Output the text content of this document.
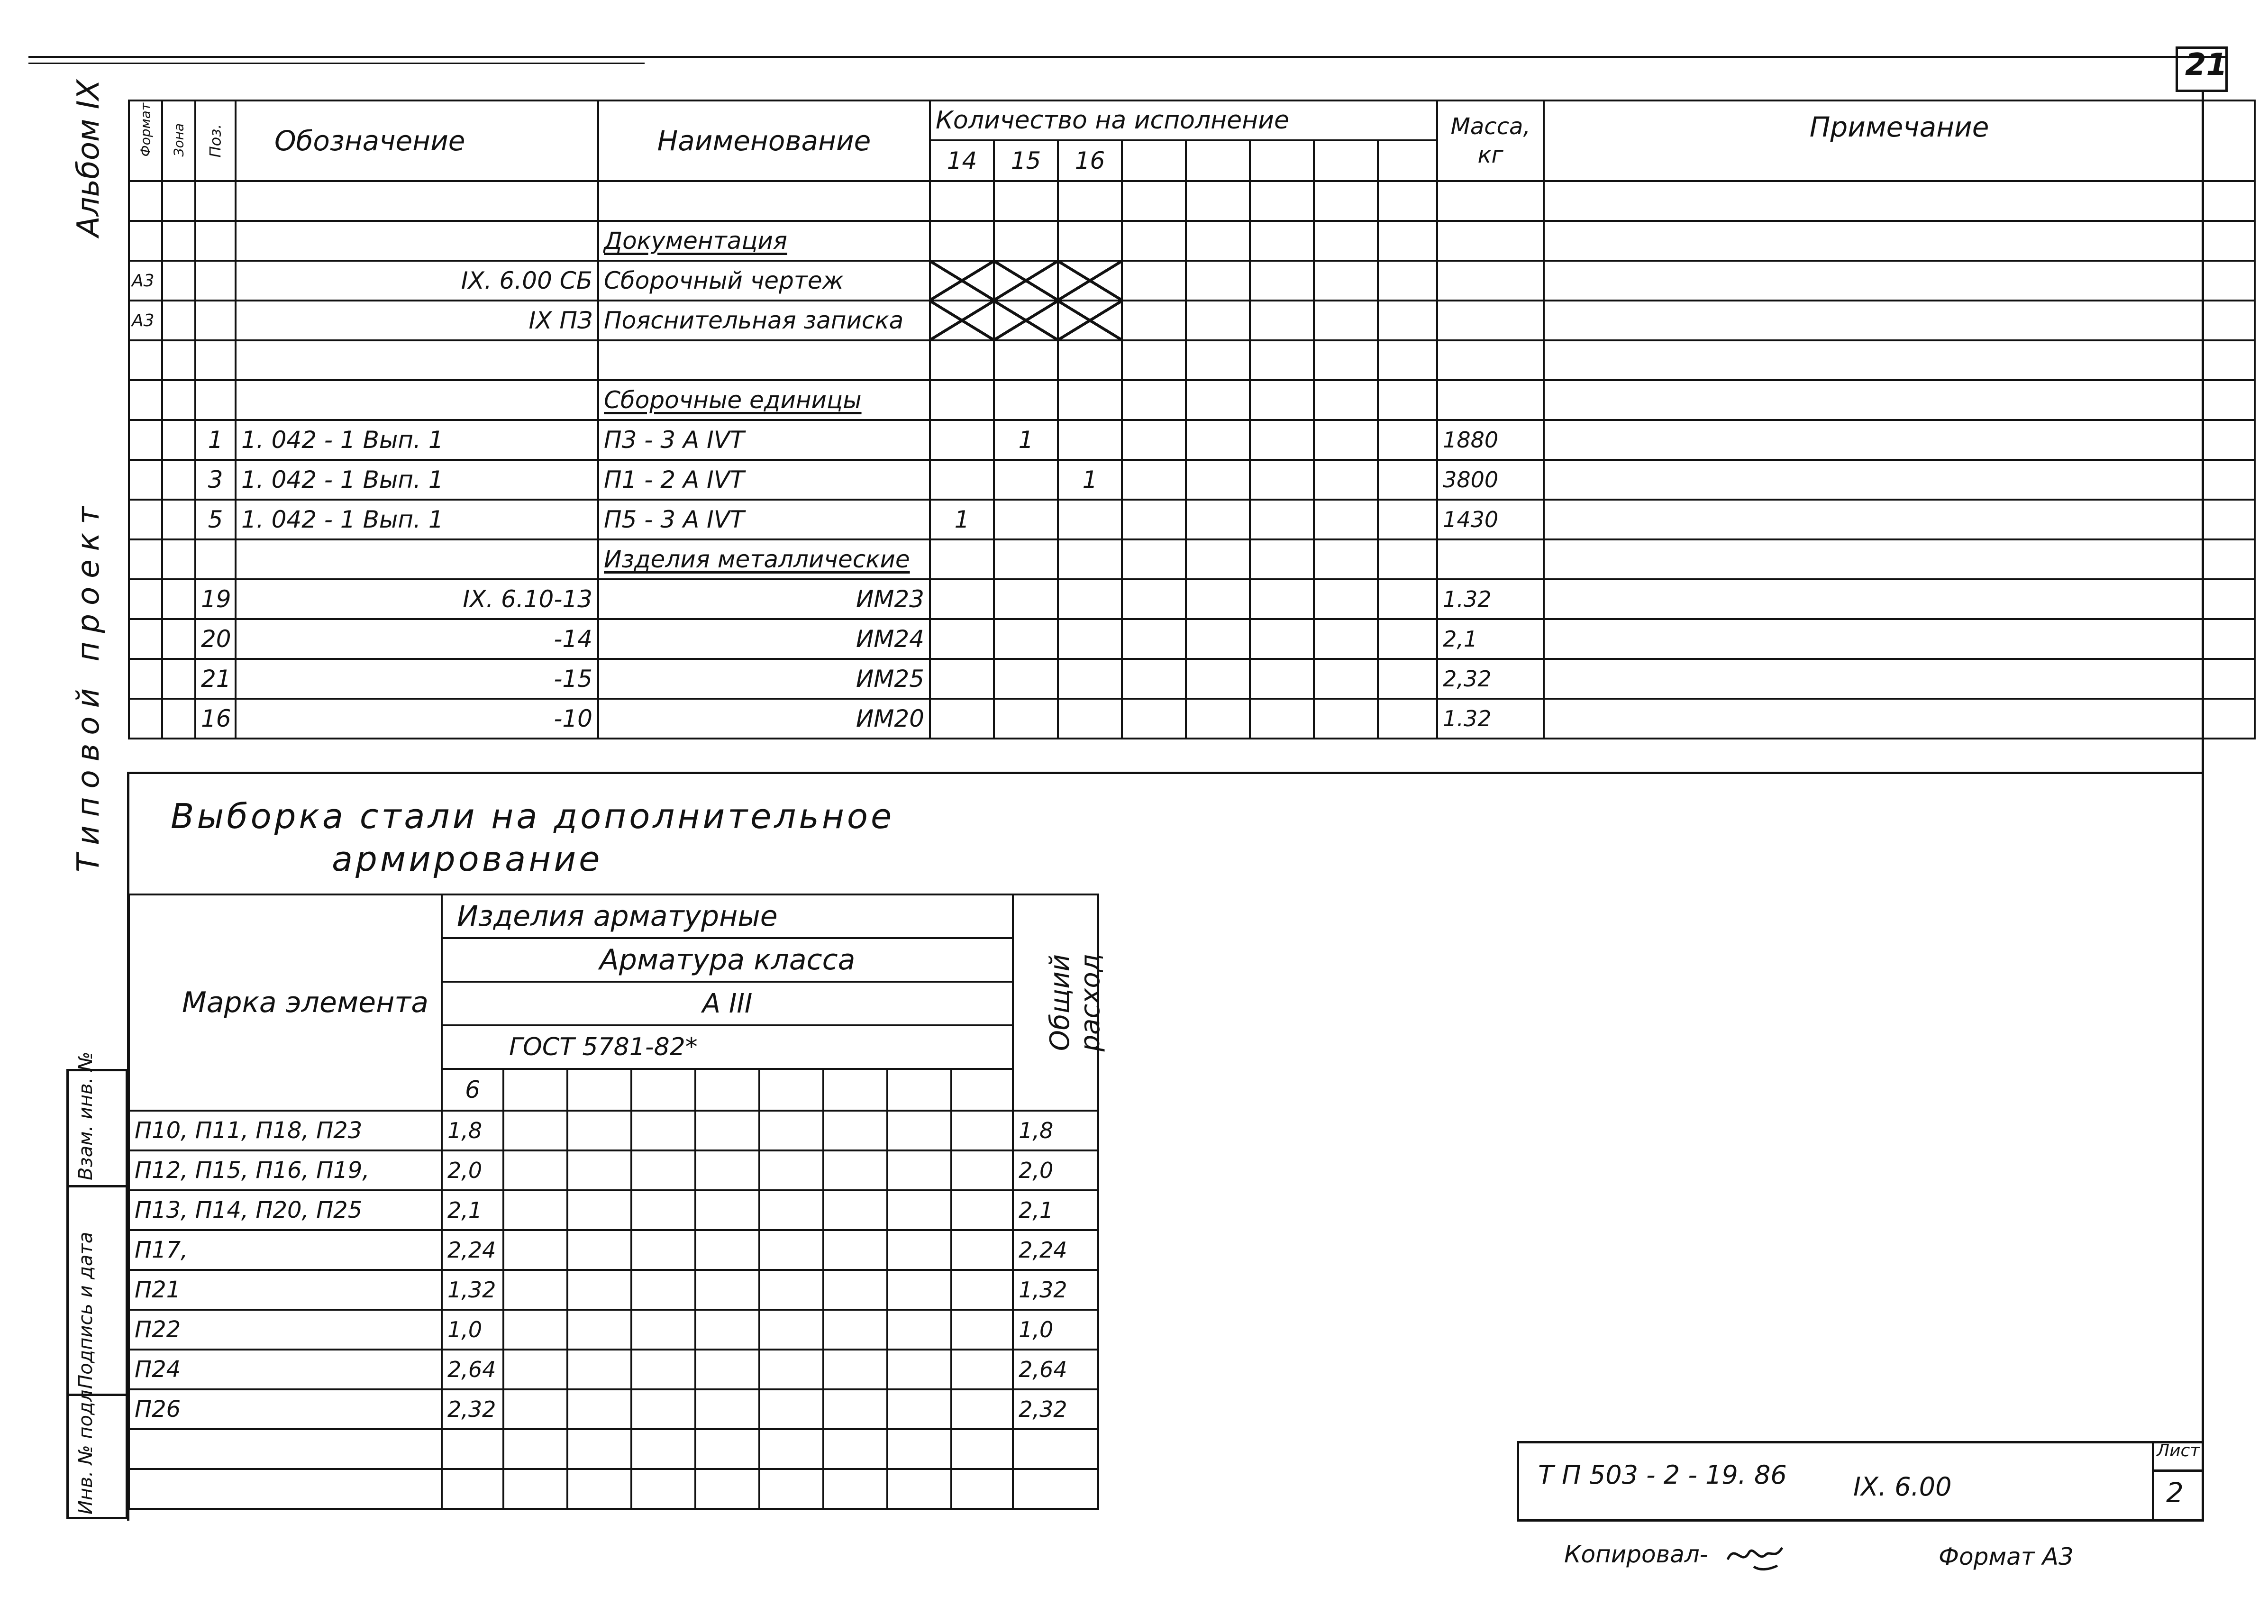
21
Альбом IX
Типовой проект
Взам. инв. №
Подпись и дата
Инв. № подл.
Формат	Зона	Поз.	Обозначение	Наименование	Количество на исполнение								Масса, кг	Примечание
					14	15	16							

				Документация										
А3			IX. 6.00 СБ	Сборочный чертеж										
А3			IX ПЗ	Пояснительная записка										

				Сборочные единицы										
		1	1. 042 - 1 Вып. 1	П3 - 3 А IVТ		1							1880	
		3	1. 042 - 1 Вып. 1	П1 - 2 А IVТ			1						3800	
		5	1. 042 - 1 Вып. 1	П5 - 3 А IVТ	1								1430	
				Изделия металлические										
		19	IX. 6.10-13	ИМ23									1.32	
		20	-14	ИМ24									2,1	
		21	-15	ИМ25									2,32	
		16	-10	ИМ20									1.32	
Выборка стали на дополнительное
армирование
Марка элемента	Изделия арматурные									Общий расход

	Арматура класса									
	А III									
	ГОСТ 5781-82*									
	6									
П10, П11, П18, П23	1,8									1,8
П12, П15, П16, П19,	2,0									2,0
П13, П14, П20, П25	2,1									2,1
П17,	2,24									2,24
П21	1,32									1,32
П22	1,0									1,0
П24	2,64									2,64
П26	2,32									2,32

Т П 503 - 2 - 19. 86	IX. 6.00
Лист
2
Копировал-	Формат А3
